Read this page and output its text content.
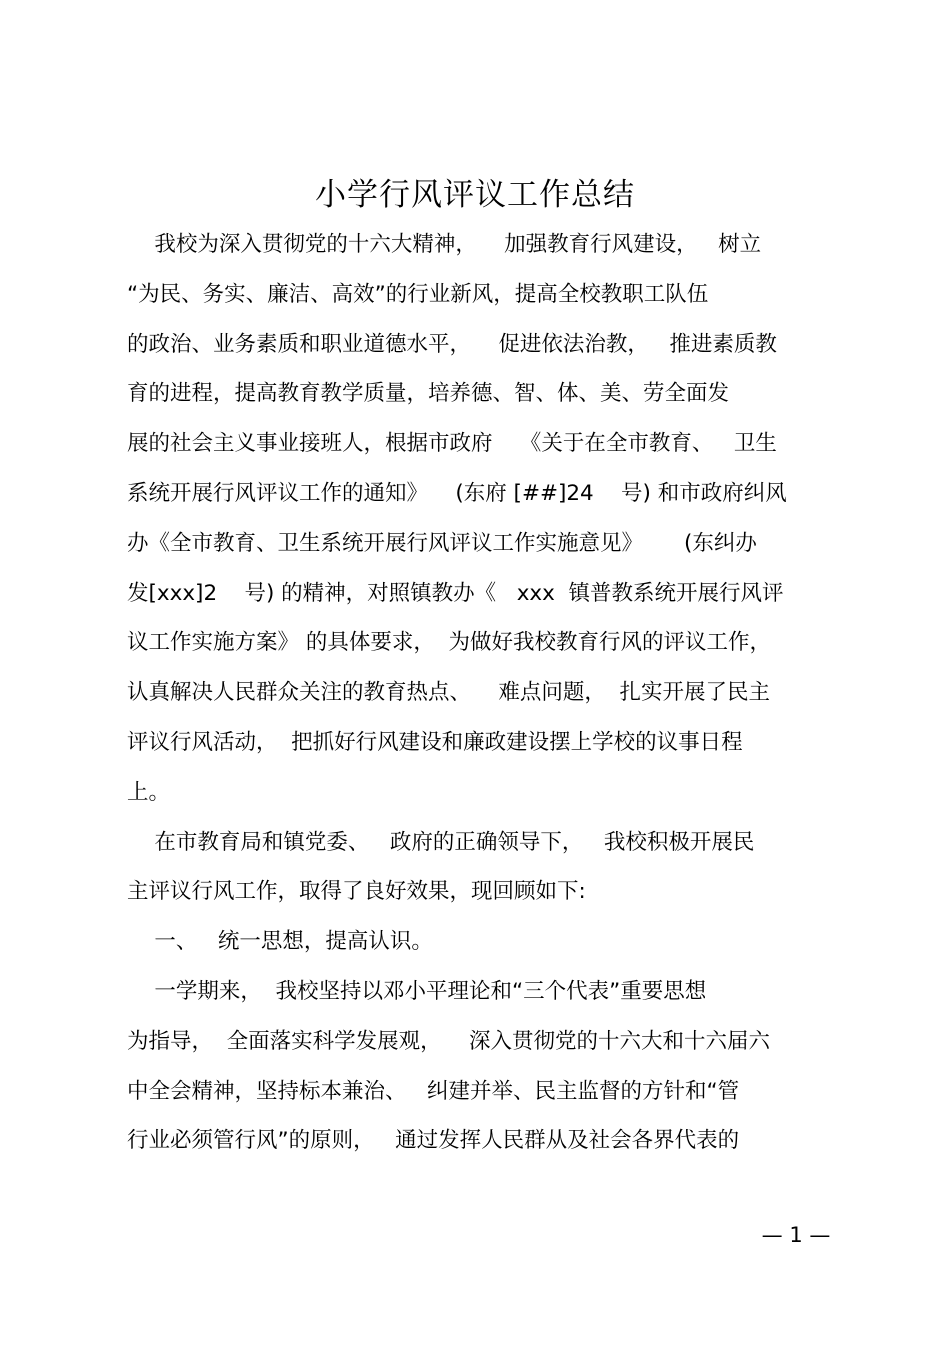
小学行风评议工作总结
我校为深入贯彻党的十六大精神，    加强教育行风建设，   树立
“为民、务实、廉洁、高效”的行业新风，提高全校教职工队伍
的政治、业务素质和职业道德水平，    促进依法治教，   推进素质教
育的进程，提高教育教学质量，培养德、智、体、美、劳全面发
展的社会主义事业接班人，根据市政府    《关于在全市教育、   卫生
系统开展行风评议工作的通知》    (东府 [##]24    号) 和市政府纠风
办《全市教育、卫生系统开展行风评议工作实施意见》      (东纠办
发[xxx]2    号) 的精神，对照镇教办《   xxx  镇普教系统开展行风评
议工作实施方案》 的具体要求，  为做好我校教育行风的评议工作，
认真解决人民群众关注的教育热点、    难点问题，  扎实开展了民主
评议行风活动，  把抓好行风建设和廉政建设摆上学校的议事日程
上。
在市教育局和镇党委、   政府的正确领导下，   我校积极开展民
主评议行风工作，取得了良好效果，现回顾如下:
一、   统一思想，提高认识。
一学期来，  我校坚持以邓小平理论和“三个代表”重要思想
为指导，  全面落实科学发展观，    深入贯彻党的十六大和十六届六
中全会精神，坚持标本兼治、   纠建并举、民主监督的方针和“管
行业必须管行风”的原则，   通过发挥人民群从及社会各界代表的
— 1 —
